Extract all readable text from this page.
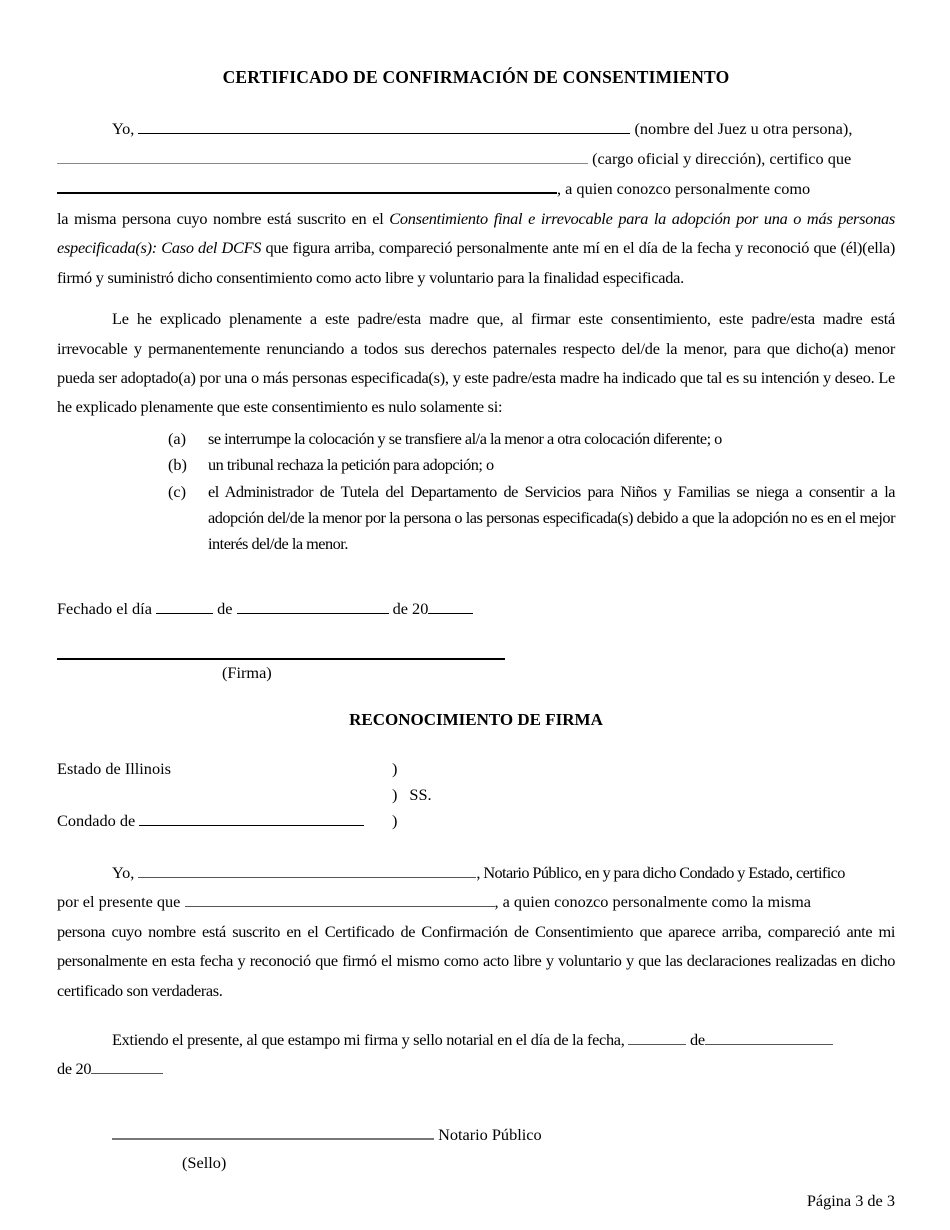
CERTIFICADO DE CONFIRMACIÓN DE CONSENTIMIENTO
Yo,	(nombre del Juez u otra persona),
(cargo oficial y dirección), certifico que
, a quien conozco personalmente como
la misma persona cuyo nombre está suscrito en el Consentimiento final e irrevocable para la adopción por una o más personas especificada(s): Caso del DCFS que figura arriba, compareció personalmente ante mí en el día de la fecha y reconoció que (él)(ella) firmó y suministró dicho consentimiento como acto libre y voluntario para la finalidad especificada.
Le he explicado plenamente a este padre/esta madre que, al firmar este consentimiento, este padre/esta madre está irrevocable y permanentemente renunciando a todos sus derechos paternales respecto del/de la menor, para que dicho(a) menor pueda ser adoptado(a) por una o más personas especificada(s), y este padre/esta madre ha indicado que tal es su intención y deseo. Le he explicado plenamente que este consentimiento es nulo solamente si:
(a)	se interrumpe la colocación y se transfiere al/a la menor a otra colocación diferente; o
(b)	un tribunal rechaza la petición para adopción; o
(c)	el Administrador de Tutela del Departamento de Servicios para Niños y Familias se niega a consentir a la adopción del/de la menor por la persona o las personas especificada(s) debido a que la adopción no es en el mejor interés del/de la menor.
Fechado el día	de	de 20
(Firma)
RECONOCIMIENTO DE FIRMA
Estado de Illinois	)
) SS.
Condado de	)
Yo,	, Notario Público, en y para dicho Condado y Estado, certifico
por el presente que	, a quien conozco personalmente como la misma
persona cuyo nombre está suscrito en el Certificado de Confirmación de Consentimiento que aparece arriba, compareció ante mi personalmente en esta fecha y reconoció que firmó el mismo como acto libre y voluntario y que las declaraciones realizadas en dicho certificado son verdaderas.
Extiendo el presente, al que estampo mi firma y sello notarial en el día de la fecha,	de
de 20
Notario Público
(Sello)
Página 3 de 3
